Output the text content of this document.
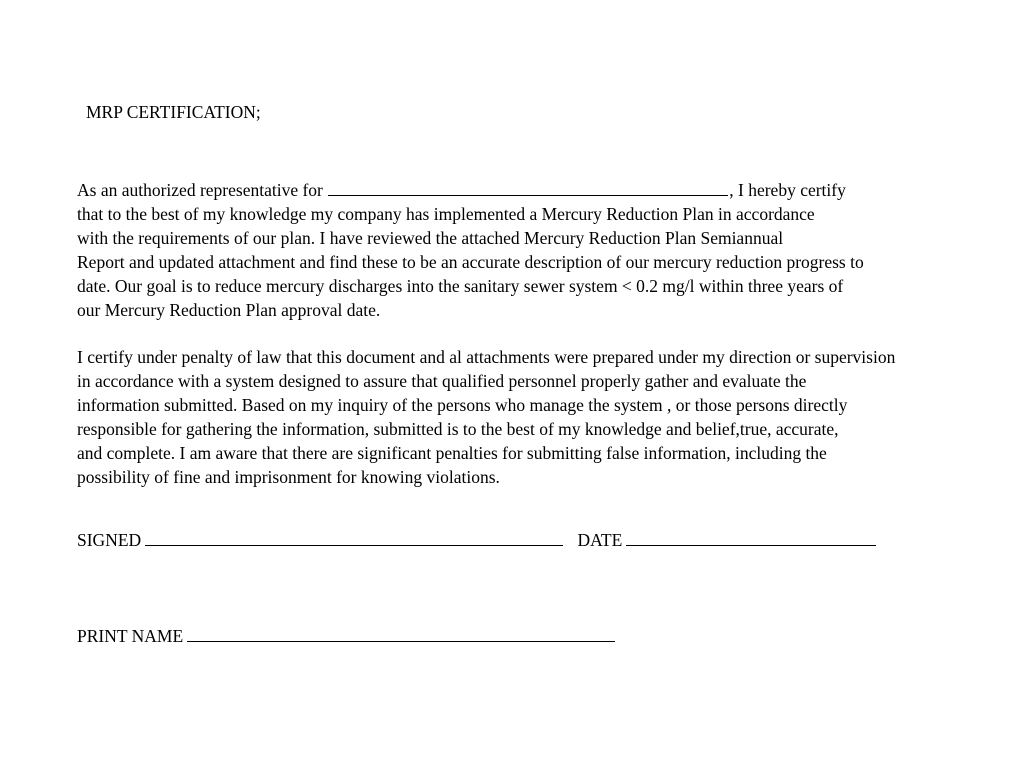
MRP CERTIFICATION;
As an authorized representative for	, I hereby certify
that to the best of my knowledge my company has implemented a Mercury Reduction Plan in accordance
with the requirements of our plan. I have reviewed the attached Mercury Reduction Plan Semiannual
Report and updated attachment and find these to be an accurate description of our mercury reduction progress to
date. Our goal is to reduce mercury discharges into the sanitary sewer system < 0.2 mg/l within three years of
our Mercury Reduction Plan approval date.
I certify under penalty of law that this document and al attachments were prepared under my direction or supervision
in accordance with a system designed to assure that qualified personnel properly gather and evaluate the
information submitted. Based on my inquiry of the persons who manage the system , or those persons directly
responsible for gathering the information, submitted is to the best of my knowledge and belief,true, accurate,
and complete. I am aware that there are significant penalties for submitting false information, including the
possibility of fine and imprisonment for knowing violations.
SIGNED	DATE
PRINT NAME
